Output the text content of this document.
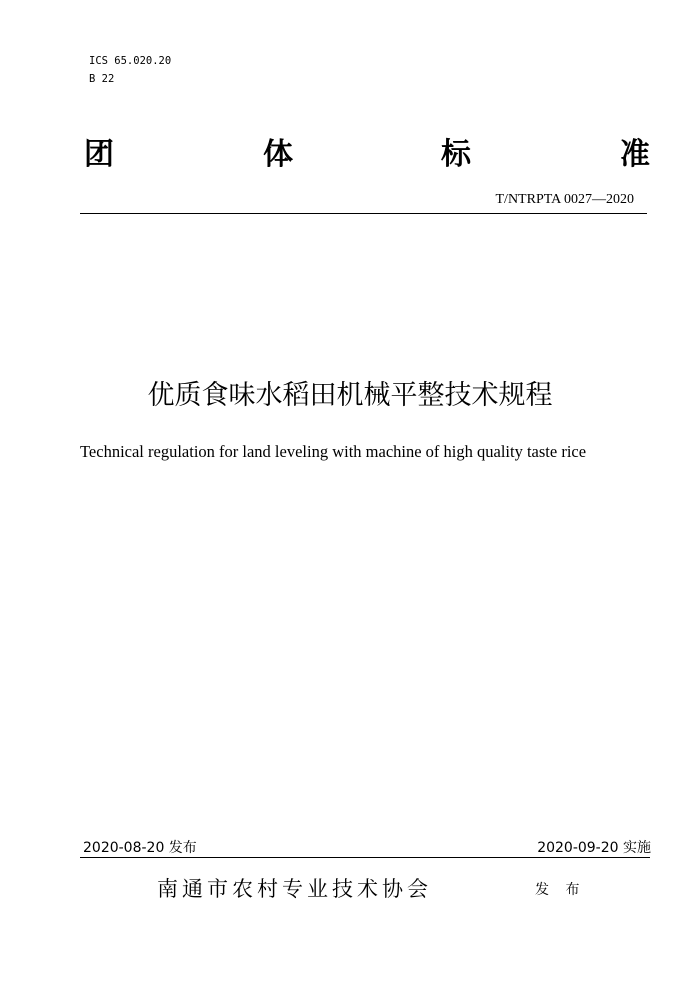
ICS 65.020.20
B 22
团	体	标	准
T/NTRPTA 0027—2020
优质食味水稻田机械平整技术规程
Technical regulation for land leveling with machine of high quality taste rice
2020-08-20 发布	2020-09-20 实施
南通市农村专业技术协会	发 布
